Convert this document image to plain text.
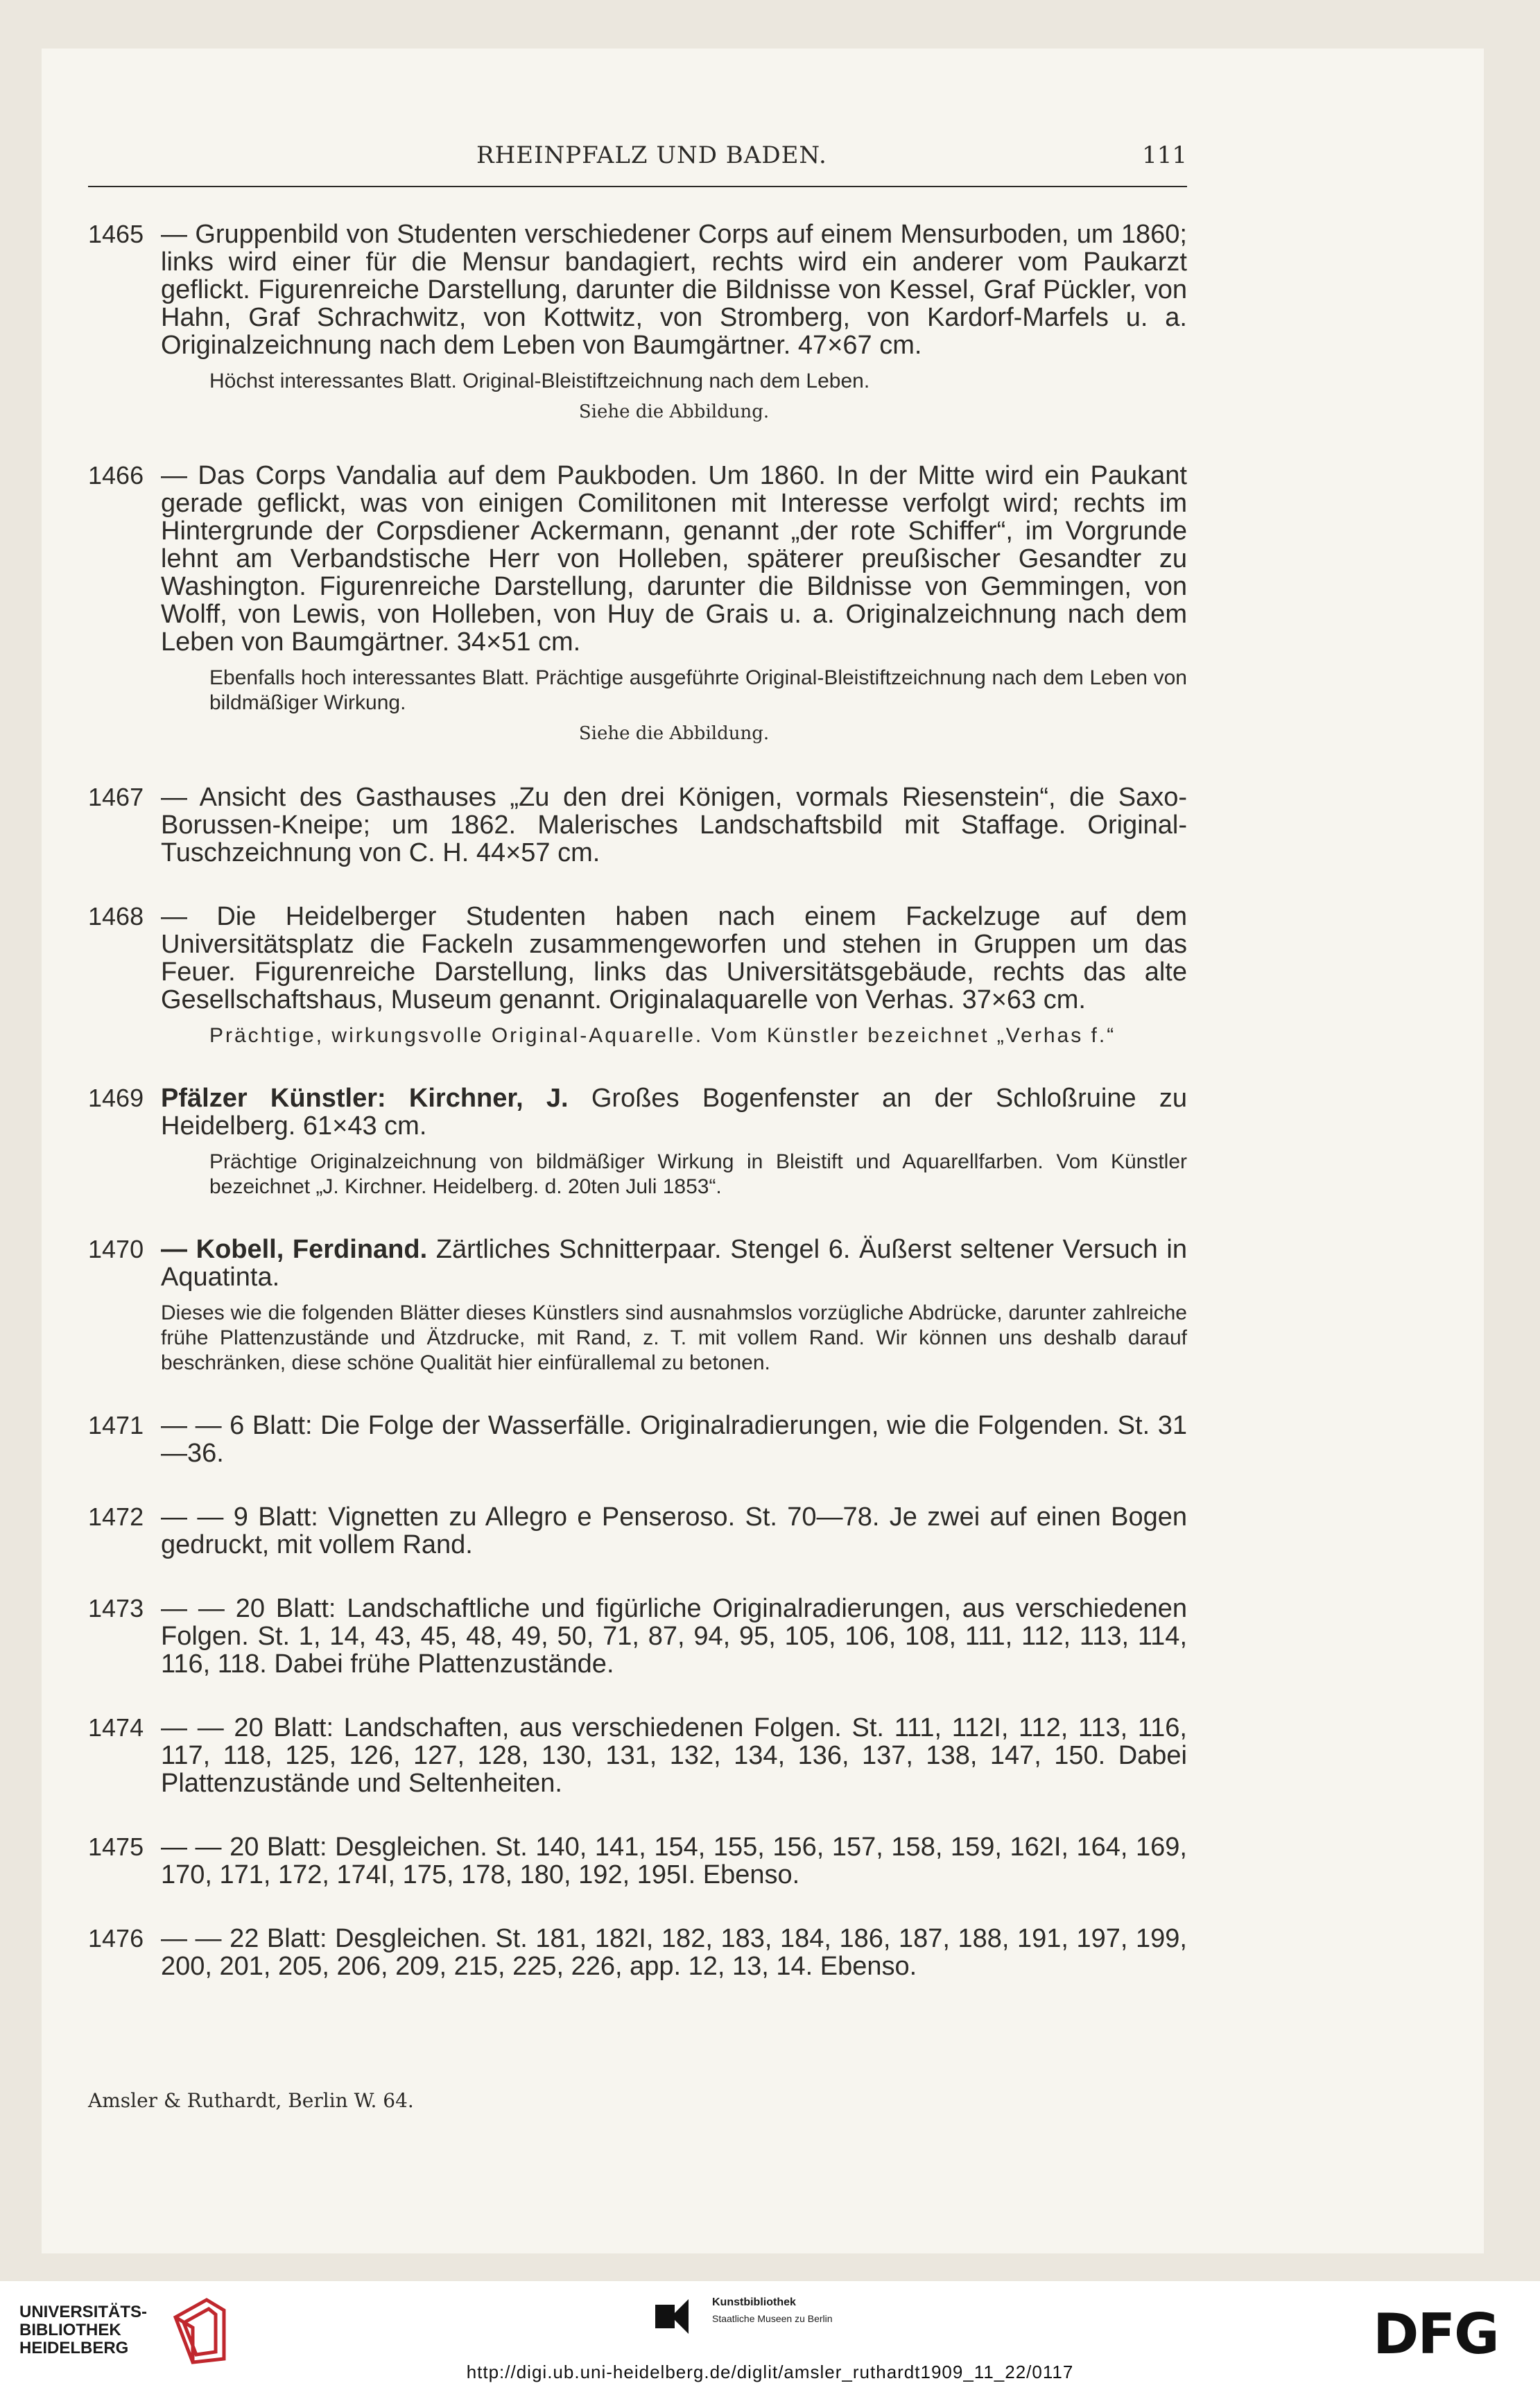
RHEINPFALZ UND BADEN.	111
1465 — Gruppenbild von Studenten verschiedener Corps auf einem Mensurboden, um 1860; links wird einer für die Mensur bandagiert, rechts wird ein anderer vom Paukarzt geflickt. Figurenreiche Darstellung, darunter die Bildnisse von Kessel, Graf Pückler, von Hahn, Graf Schrachwitz, von Kottwitz, von Stromberg, von Kardorf-Marfels u. a. Originalzeichnung nach dem Leben von Baumgärtner. 47×67 cm.
Höchst interessantes Blatt. Original-Bleistiftzeichnung nach dem Leben.
Siehe die Abbildung.
1466 — Das Corps Vandalia auf dem Paukboden. Um 1860. In der Mitte wird ein Paukant gerade geflickt, was von einigen Comilitonen mit Interesse verfolgt wird; rechts im Hintergrunde der Corpsdiener Ackermann, genannt „der rote Schiffer“, im Vorgrunde lehnt am Verbandstische Herr von Holleben, späterer preußischer Gesandter zu Washington. Figurenreiche Darstellung, darunter die Bildnisse von Gemmingen, von Wolff, von Lewis, von Holleben, von Huy de Grais u. a. Originalzeichnung nach dem Leben von Baumgärtner. 34×51 cm.
Ebenfalls hoch interessantes Blatt. Prächtige ausgeführte Original-Bleistiftzeichnung nach dem Leben von bildmäßiger Wirkung.
Siehe die Abbildung.
1467 — Ansicht des Gasthauses „Zu den drei Königen, vormals Riesenstein“, die Saxo-Borussen-Kneipe; um 1862. Malerisches Landschaftsbild mit Staffage. Original-Tuschzeichnung von C. H. 44×57 cm.
1468 — Die Heidelberger Studenten haben nach einem Fackelzuge auf dem Universitätsplatz die Fackeln zusammengeworfen und stehen in Gruppen um das Feuer. Figurenreiche Darstellung, links das Universitätsgebäude, rechts das alte Gesellschaftshaus, Museum genannt. Originalaquarelle von Verhas. 37×63 cm.
Prächtige, wirkungsvolle Original-Aquarelle. Vom Künstler bezeichnet „Verhas f.“
1469 Pfälzer Künstler: Kirchner, J. Großes Bogenfenster an der Schloßruine zu Heidelberg. 61×43 cm.
Prächtige Originalzeichnung von bildmäßiger Wirkung in Bleistift und Aquarellfarben. Vom Künstler bezeichnet „J. Kirchner. Heidelberg. d. 20ten Juli 1853“.
1470 — Kobell, Ferdinand. Zärtliches Schnitterpaar. Stengel 6. Äußerst seltener Versuch in Aquatinta.
Dieses wie die folgenden Blätter dieses Künstlers sind ausnahmslos vorzügliche Abdrücke, darunter zahlreiche frühe Plattenzustände und Ätzdrucke, mit Rand, z. T. mit vollem Rand. Wir können uns deshalb darauf beschränken, diese schöne Qualität hier einfürallemal zu betonen.
1471 — — 6 Blatt: Die Folge der Wasserfälle. Originalradierungen, wie die Folgenden. St. 31—36.
1472 — — 9 Blatt: Vignetten zu Allegro e Penseroso. St. 70—78. Je zwei auf einen Bogen gedruckt, mit vollem Rand.
1473 — — 20 Blatt: Landschaftliche und figürliche Originalradierungen, aus verschiedenen Folgen. St. 1, 14, 43, 45, 48, 49, 50, 71, 87, 94, 95, 105, 106, 108, 111, 112, 113, 114, 116, 118. Dabei frühe Plattenzustände.
1474 — — 20 Blatt: Landschaften, aus verschiedenen Folgen. St. 111, 112I, 112, 113, 116, 117, 118, 125, 126, 127, 128, 130, 131, 132, 134, 136, 137, 138, 147, 150. Dabei Plattenzustände und Seltenheiten.
1475 — — 20 Blatt: Desgleichen. St. 140, 141, 154, 155, 156, 157, 158, 159, 162I, 164, 169, 170, 171, 172, 174I, 175, 178, 180, 192, 195I. Ebenso.
1476 — — 22 Blatt: Desgleichen. St. 181, 182I, 182, 183, 184, 186, 187, 188, 191, 197, 199, 200, 201, 205, 206, 209, 215, 225, 226, app. 12, 13, 14. Ebenso.
Amsler & Ruthardt, Berlin W. 64.
UNIVERSITÄTS-
BIBLIOTHEK
HEIDELBERG
Kunstbibliothek
Staatliche Museen zu Berlin	DFG
http://digi.ub.uni-heidelberg.de/diglit/amsler_ruthardt1909_11_22/0117
